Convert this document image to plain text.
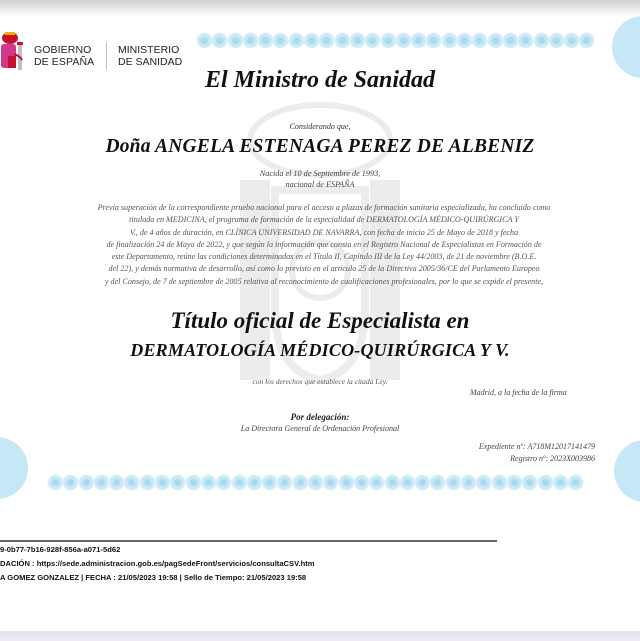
GOBIERNO
DE ESPAÑA
MINISTERIO
DE SANIDAD
El Ministro de Sanidad
Considerando que,
Doña ANGELA ESTENAGA PEREZ DE ALBENIZ
Nacida el 10 de Septiembre de 1993,
nacional de ESPAÑA
Previa superación de la correspondiente prueba nacional para el acceso a plazas de formación sanitaria especializada, ha concluido como
titulada en MEDICINA, el programa de formación de la especialidad de DERMATOLOGÍA MÉDICO-QUIRÚRGICA Y
V., de 4 años de duración, en CLÍNICA UNIVERSIDAD DE NAVARRA, con fecha de inicio 25 de Mayo de 2018 y fecha
de finalización 24 de Mayo de 2022, y que según la información que consta en el Registro Nacional de Especialistas en Formación de
este Departamento, reúne las condiciones determinadas en el Título II, Capítulo III de la Ley 44/2003, de 21 de noviembre (B.O.E.
del 22), y demás normativa de desarrollo, así como lo previsto en el artículo 25 de la Directiva 2005/36/CE del Parlamento Europeo
y del Consejo, de 7 de septiembre de 2005 relativa al reconocimiento de cualificaciones profesionales, por lo que se expide el presente,
Título oficial de Especialista en
DERMATOLOGÍA MÉDICO-QUIRÚRGICA Y V.
con los derechos que establece la citada Ley.
Madrid, a la fecha de la firma
Por delegación:
La Directora General de Ordenación Profesional
Expediente nº: A718M12017141479
Registro nº: 2023X003986
9-0b77-7b16-928f-856a-a071-5d62
DACIÓN : https://sede.administracion.gob.es/pagSedeFront/servicios/consultaCSV.htm
A GOMEZ GONZALEZ | FECHA : 21/05/2023 19:58 | Sello de Tiempo: 21/05/2023 19:58
